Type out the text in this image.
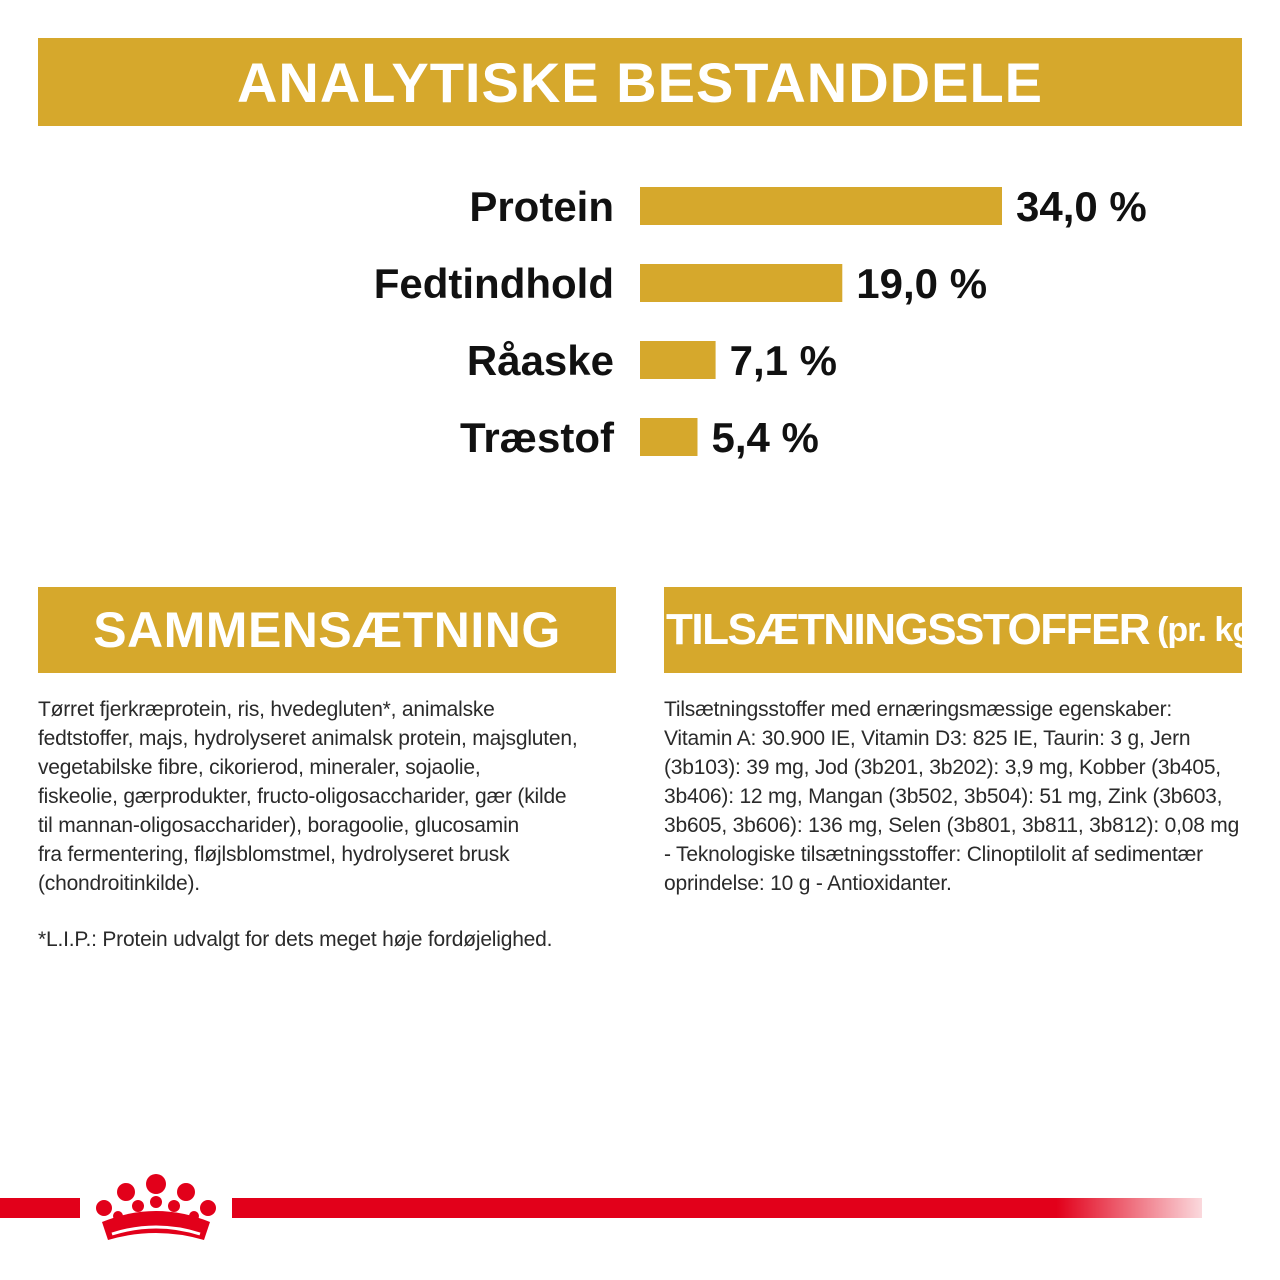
ANALYTISKE BESTANDDELE
Protein	34,0 %
Fedtindhold	19,0 %
Råaske	7,1 %
Træstof 5,4 %
SAMMENSÆTNING TILSÆTNINGSSTOFFER (pr. kg)
Tørret fjerkræprotein, ris, hvedegluten*, animalske
fedtstoffer, majs, hydrolyseret animalsk protein, majsgluten,
vegetabilske fibre, cikorierod, mineraler, sojaolie,
fiskeolie, gærprodukter, fructo-oligosaccharider, gær (kilde
til mannan-oligosaccharider), boragoolie, glucosamin
fra fermentering, fløjlsblomstmel, hydrolyseret brusk
(chondroitinkilde).
Tilsætningsstoffer med ernæringsmæssige egenskaber:
Vitamin A: 30.900 IE, Vitamin D3: 825 IE, Taurin: 3 g, Jern
(3b103): 39 mg, Jod (3b201, 3b202): 3,9 mg, Kobber (3b405,
3b406): 12 mg, Mangan (3b502, 3b504): 51 mg, Zink (3b603,
3b605, 3b606): 136 mg, Selen (3b801, 3b811, 3b812): 0,08 mg
- Teknologiske tilsætningsstoffer: Clinoptilolit af sedimentær
oprindelse: 10 g - Antioxidanter.
*L.I.P.: Protein udvalgt for dets meget høje fordøjelighed.
